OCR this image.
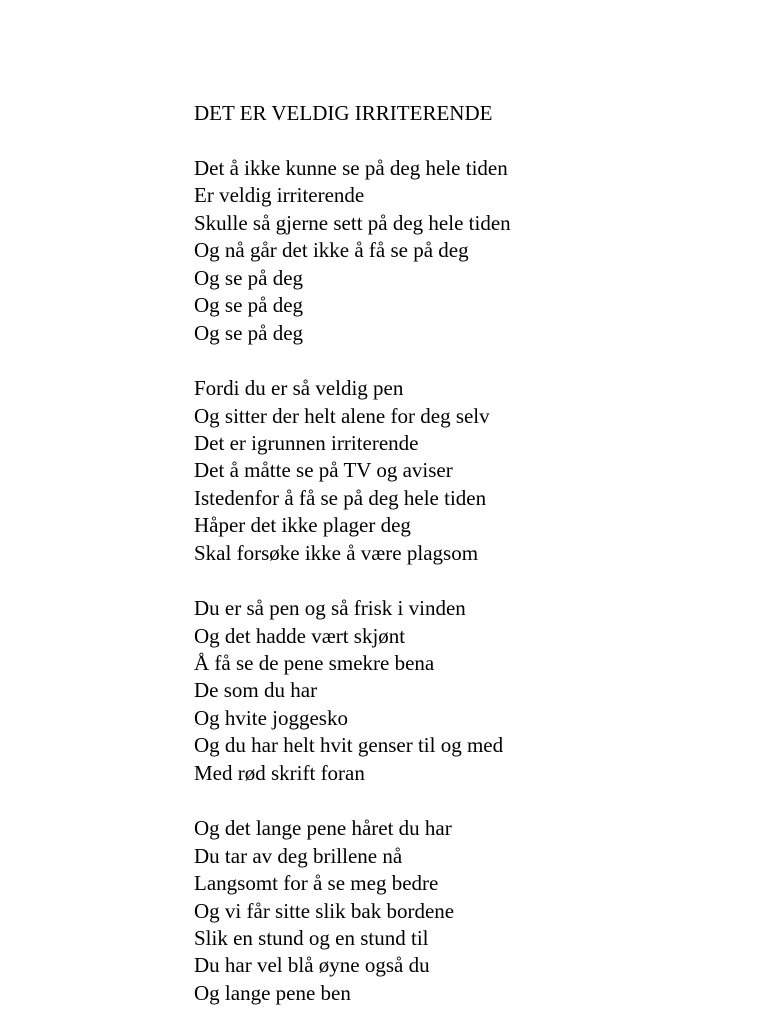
DET ER VELDIG IRRITERENDE
Det å ikke kunne se på deg hele tiden
Er veldig irriterende
Skulle så gjerne sett på deg hele tiden
Og nå går det ikke å få se på deg
Og se på deg
Og se på deg
Og se på deg
Fordi du er så veldig pen
Og sitter der helt alene for deg selv
Det er igrunnen irriterende
Det å måtte se på TV og aviser
Istedenfor å få se på deg hele tiden
Håper det ikke plager deg
Skal forsøke ikke å være plagsom
Du er så pen og så frisk i vinden
Og det hadde vært skjønt
Å få se de pene smekre bena
De som du har
Og hvite joggesko
Og du har helt hvit genser til og med
Med rød skrift foran
Og det lange pene håret du har
Du tar av deg brillene nå
Langsomt for å se meg bedre
Og vi får sitte slik bak bordene
Slik en stund og en stund til
Du har vel blå øyne også du
Og lange pene ben
